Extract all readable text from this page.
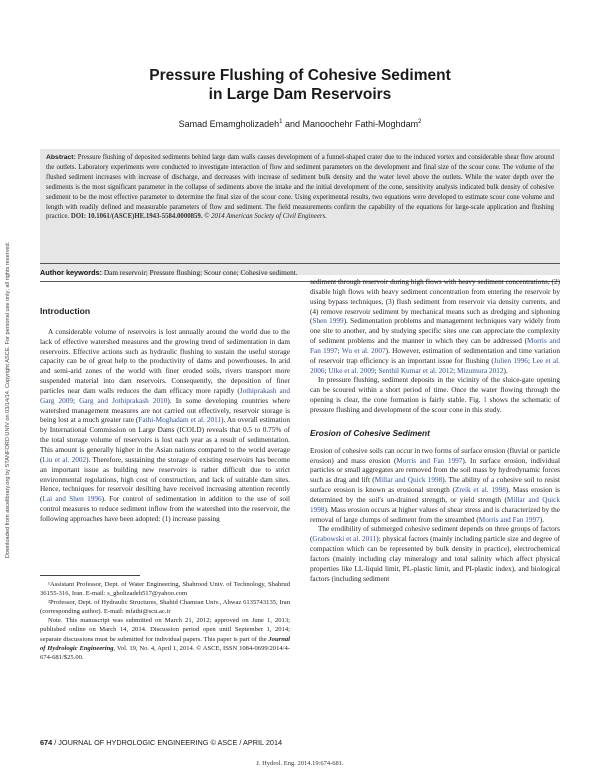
Downloaded from ascelibrary.org by STANFORD UNIV on 03/14/14. Copyright ASCE. For personal use only; all rights reserved.
Pressure Flushing of Cohesive Sediment
in Large Dam Reservoirs
Samad Emamgholizadeh$^1$ and Manoochehr Fathi-Moghdam$^2$
Abstract: Pressure flushing of deposited sediments behind large dam walls causes development of a funnel-shaped crater due to the induced vortex and considerable shear flow around the outlets. Laboratory experiments were conducted to investigate interaction of flow and sediment parameters on the development and final size of the scour cone. The volume of the flushed sediment increases with increase of discharge, and decreases with increase of sediment bulk density and the water level above the outlets. While the water depth over the sediments is the most significant parameter in the collapse of sediments above the intake and the initial development of the cone, sensitivity analysis indicated bulk density of cohesive sediment to be the most effective parameter to determine the final size of the scour cone. Using experimental results, two equations were developed to estimate scour cone volume and length with readily defined and measurable parameters of flow and sediment. The field measurements confirm the capability of the equations for large-scale application and flushing practice. DOI: 10.1061/(ASCE)HE.1943-5584.0000859. © 2014 American Society of Civil Engineers.
Author keywords: Dam reservoir; Pressure flushing; Scour cone; Cohesive sediment.
Introduction

A considerable volume of reservoirs is lost annually around the world due to the lack of effective watershed measures and the growing trend of sedimentation in dam reservoirs. Effective actions such as hydraulic flushing to sustain the useful storage capacity can be of great help to the productivity of dams and powerhouses. In arid and semi-arid zones of the world with finer eroded soils, rivers transport more suspended material into dam reservoirs. Consequently, the deposition of finer particles near dam walls reduces the dam efficacy more rapidly (Jothiprakash and Garg 2009; Garg and Jothiprakash 2010). In some developing countries where watershed management measures are not carried out effectively, reservoir storage is being lost at a much greater rate (Fathi-Moghadam et al. 2011). An overall estimation by International Commission on Large Dams (ICOLD) reveals that 0.5 to 0.75% of the total storage volume of reservoirs is lost each year as a result of sedimentation. This amount is generally higher in the Asian nations compared to the world average (Liu et al. 2002). Therefore, sustaining the storage of existing reservoirs has become an important issue as building new reservoirs is rather difficult due to strict environmental regulations, high cost of construction, and lack of suitable dam sites. Hence, techniques for reservoir desilting have received increasing attention recently (Lai and Shen 1996). For control of sedimentation in addition to the use of soil control measures to reduce sediment inflow from the watershed into the reservoir, the following approaches have been adopted: (1) increase passing

sediment through reservoir during high flows with heavy sediment concentrations, (2) disable high flows with heavy sediment concentration from entering the reservoir by using bypass techniques, (3) flush sediment from reservoir via density currents, and (4) remove reservoir sediment by mechanical means such as dredging and siphoning (Shen 1999). Sedimentation problems and management techniques vary widely from one site to another, and by studying specific sites one can appreciate the complexity of sediment problems and the manner in which they can be addressed (Morris and Fan 1997; Wu et al. 2007). However, estimation of sedimentation and time variation of reservoir trap efficiency is an important issue for flushing (Julien 1996; Lee et al. 2006; Ulke et al. 2009; Senthil Kumar et al. 2012; Mizumura 2012).

In pressure flushing, sediment deposits in the vicinity of the sluice-gate opening can be scoured within a short period of time. Once the water flowing through the opening is clear, the cone formation is fairly stable. Fig. 1 shows the schematic of pressure flushing and development of the scour cone in this study.

Erosion of Cohesive Sediment

Erosion of cohesive soils can occur in two forms of surface erosion (fluvial or particle erosion) and mass erosion (Morris and Fan 1997). In surface erosion, individual particles or small aggregates are removed from the soil mass by hydrodynamic forces such as drag and lift (Millar and Quick 1998). The ability of a cohesive soil to resist surface erosion is known as erosional strength (Zreik et al. 1998). Mass erosion is determined by the soil's un-drained strength, or yield strength (Millar and Quick 1998). Mass erosion occurs at higher values of shear stress and is characterized by the removal of large clumps of sediment from the streambed (Morris and Fan 1997).

The erodibility of submerged cohesive sediment depends on three groups of factors (Grabowski et al. 2011): physical factors (mainly including particle size and degree of compaction which can be represented by bulk density in practice), electrochemical factors (mainly including clay mineralogy and total salinity which affect physical properties like LL-liquid limit, PL-plastic limit, and PI-plastic index), and biological factors (including sediment

¹Assistant Professor, Dept. of Water Engineering, Shahrood Univ. of Technology, Shahrud 36155-316, Iran. E-mail: s_gholizadeh517@yahoo.com

²Professor, Dept. of Hydraulic Structures, Shahid Chamran Univ., Ahwaz 6135743135, Iran (corresponding author). E-mail: mfathi@scu.ac.ir

Note. This manuscript was submitted on March 21, 2012; approved on June 1, 2013; published online on March 14, 2014. Discussion period open until September 1, 2014; separate discussions must be submitted for individual papers. This paper is part of the Journal of Hydrologic Engineering, Vol. 19, No. 4, April 1, 2014. © ASCE, ISSN 1084-0699/2014/4-674-681/$25.00.

674 / JOURNAL OF HYDROLOGIC ENGINEERING © ASCE / APRIL 2014
J. Hydrol. Eng. 2014.19:674-681.
